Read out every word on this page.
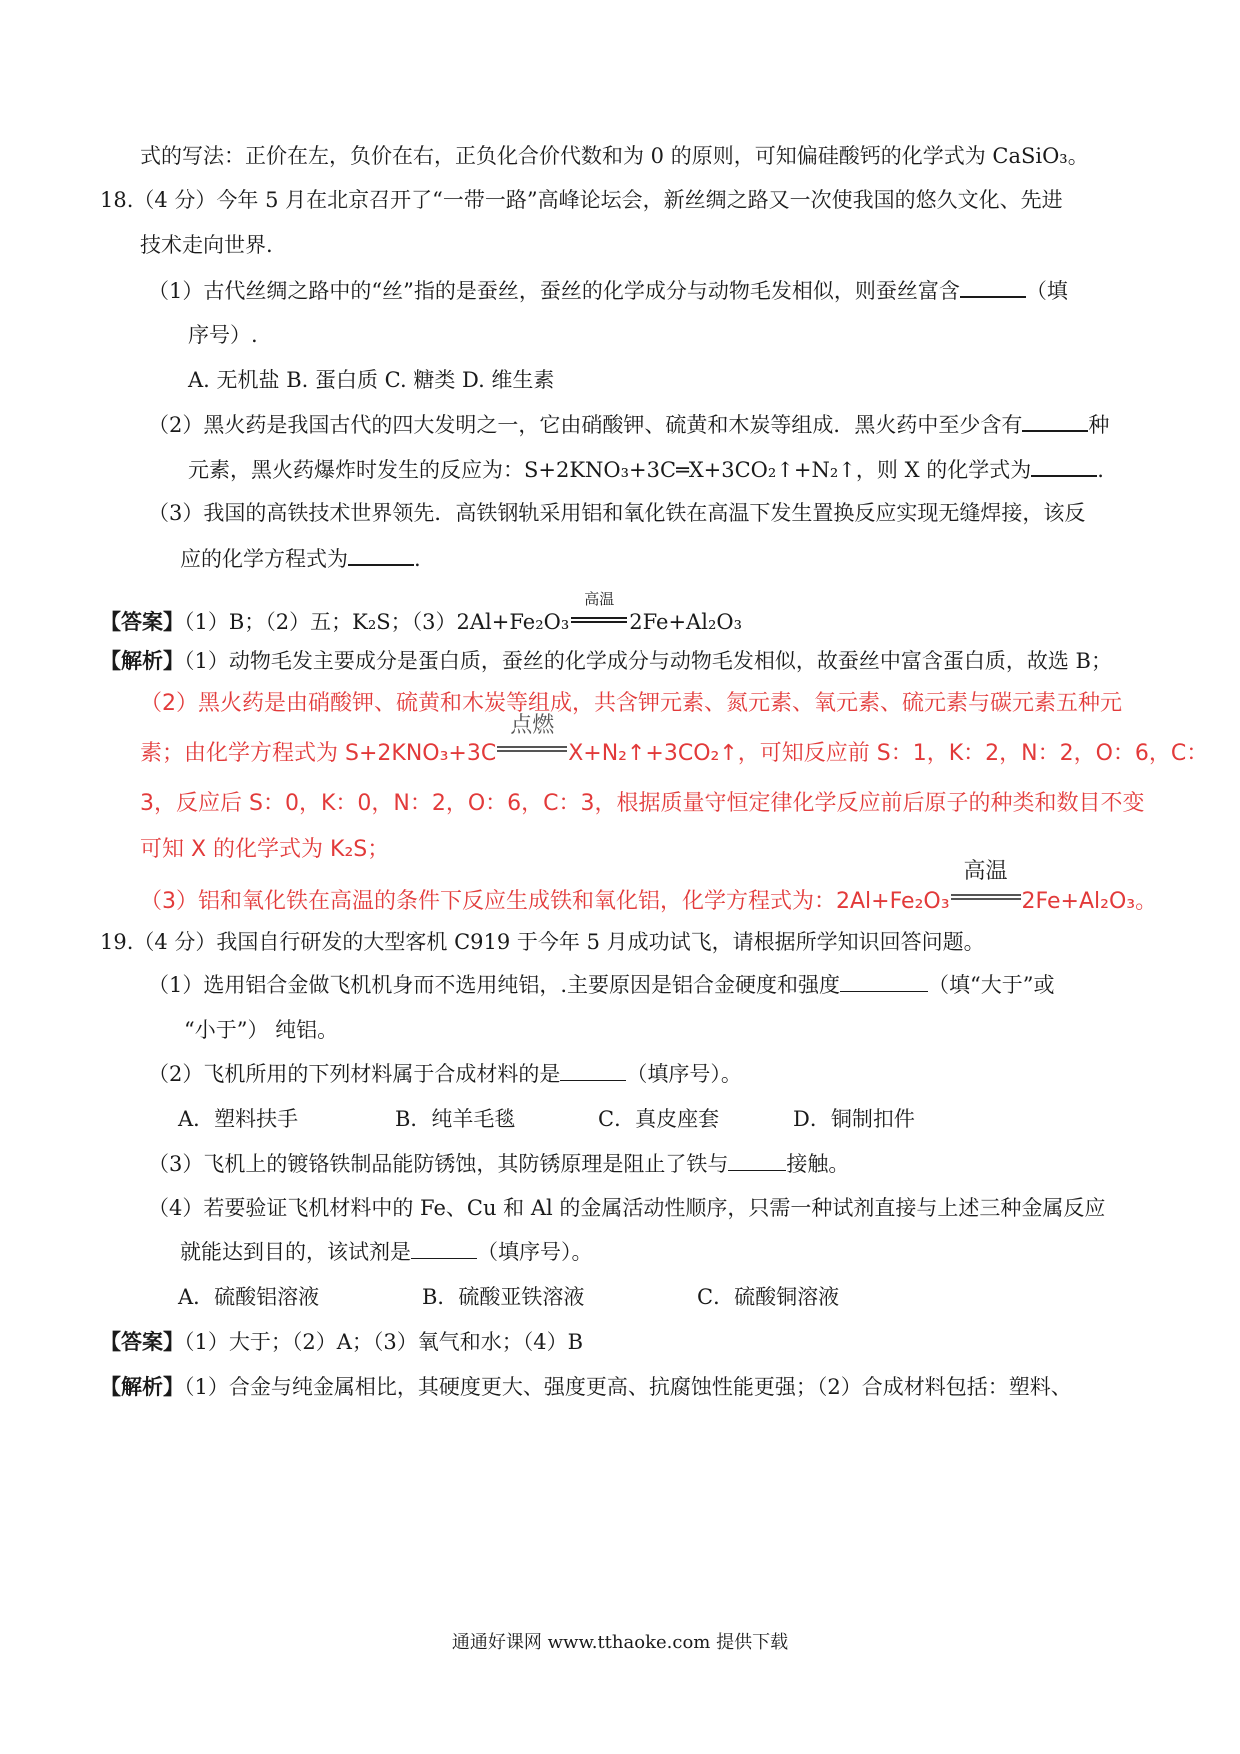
式的写法：正价在左，负价在右，正负化合价代数和为 0 的原则，可知偏硅酸钙的化学式为 CaSiO₃。
18.（4 分）今年 5 月在北京召开了“一带一路”高峰论坛会，新丝绸之路又一次使我国的悠久文化、先进
技术走向世界.
（1）古代丝绸之路中的“丝”指的是蚕丝，蚕丝的化学成分与动物毛发相似，则蚕丝富含	（填
序号）.
A. 无机盐 B. 蛋白质 C. 糖类 D. 维生素
（2）黑火药是我国古代的四大发明之一，它由硝酸钾、硫黄和木炭等组成．黑火药中至少含有	种
元素，黑火药爆炸时发生的反应为：S+2KNO₃+3C═X+3CO₂↑+N₂↑，则 X 的化学式为	.
（3）我国的高铁技术世界领先．高铁钢轨采用铝和氧化铁在高温下发生置换反应实现无缝焊接，该反
应的化学方程式为	.
【答案】（1）B；（2）五；K₂S；（3）2Al+Fe₂O₃
高温
2Fe+Al₂O₃
【解析】（1）动物毛发主要成分是蛋白质，蚕丝的化学成分与动物毛发相似，故蚕丝中富含蛋白质，故选 B；
（2）黑火药是由硝酸钾、硫黄和木炭等组成，共含钾元素、氮元素、氧元素、硫元素与碳元素五种元
素；由化学方程式为 S+2KNO₃+3C
点燃
X+N₂↑+3CO₂↑，可知反应前 S：1，K：2，N：2，O：6，C：
3，反应后 S：0，K：0，N：2，O：6，C：3，根据质量守恒定律化学反应前后原子的种类和数目不变
可知 X 的化学式为 K₂S；
（3）铝和氧化铁在高温的条件下反应生成铁和氧化铝，化学方程式为：2Al+Fe₂O₃
高温
2Fe+Al₂O₃。
19.（4 分）我国自行研发的大型客机 C919 于今年 5 月成功试飞，请根据所学知识回答问题。
（1）选用铝合金做飞机机身而不选用纯铝，.主要原因是铝合金硬度和强度	（填“大于”或
“小于”） 纯铝。
（2）飞机所用的下列材料属于合成材料的是	（填序号）。
A．塑料扶手	B．纯羊毛毯	C．真皮座套	D．铜制扣件
（3）飞机上的镀铬铁制品能防锈蚀，其防锈原理是阻止了铁与	接触。
（4）若要验证飞机材料中的 Fe、Cu 和 Al 的金属活动性顺序，只需一种试剂直接与上述三种金属反应
就能达到目的，该试剂是	（填序号）。
A．硫酸铝溶液	B．硫酸亚铁溶液	C．硫酸铜溶液
【答案】（1）大于；（2）A；（3）氧气和水；（4）B
【解析】（1）合金与纯金属相比，其硬度更大、强度更高、抗腐蚀性能更强；（2）合成材料包括：塑料、
通通好课网 www.tthaoke.com 提供下载
